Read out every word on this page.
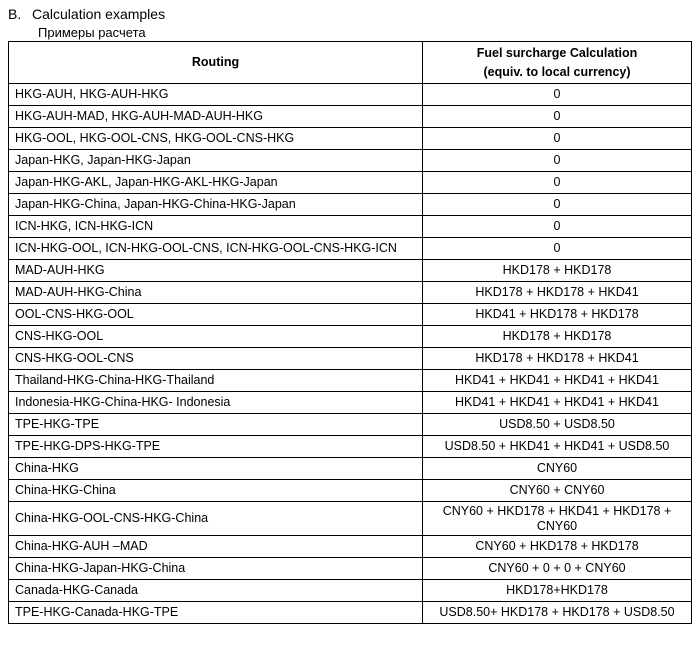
B. Calculation examples
Примеры расчета
Routing	Fuel surcharge Calculation
(equiv. to local currency)
HKG-AUH, HKG-AUH-HKG	0
HKG-AUH-MAD, HKG-AUH-MAD-AUH-HKG	0
HKG-OOL, HKG-OOL-CNS, HKG-OOL-CNS-HKG	0
Japan-HKG, Japan-HKG-Japan	0
Japan-HKG-AKL, Japan-HKG-AKL-HKG-Japan	0
Japan-HKG-China, Japan-HKG-China-HKG-Japan	0
ICN-HKG, ICN-HKG-ICN	0
ICN-HKG-OOL, ICN-HKG-OOL-CNS, ICN-HKG-OOL-CNS-HKG-ICN	0
MAD-AUH-HKG	HKD178 + HKD178
MAD-AUH-HKG-China	HKD178 + HKD178 + HKD41
OOL-CNS-HKG-OOL	HKD41 + HKD178 + HKD178
CNS-HKG-OOL	HKD178 + HKD178
CNS-HKG-OOL-CNS	HKD178 + HKD178 + HKD41
Thailand-HKG-China-HKG-Thailand	HKD41 + HKD41 + HKD41 + HKD41
Indonesia-HKG-China-HKG- Indonesia	HKD41 + HKD41 + HKD41 + HKD41
TPE-HKG-TPE	USD8.50 + USD8.50
TPE-HKG-DPS-HKG-TPE	USD8.50 + HKD41 + HKD41 + USD8.50
China-HKG	CNY60
China-HKG-China	CNY60 + CNY60
China-HKG-OOL-CNS-HKG-China	CNY60 + HKD178 + HKD41 + HKD178 + CNY60
China-HKG-AUH –MAD	CNY60 + HKD178 + HKD178
China-HKG-Japan-HKG-China	CNY60 + 0 + 0 + CNY60
Canada-HKG-Canada	HKD178+HKD178
TPE-HKG-Canada-HKG-TPE	USD8.50+ HKD178 + HKD178 + USD8.50
